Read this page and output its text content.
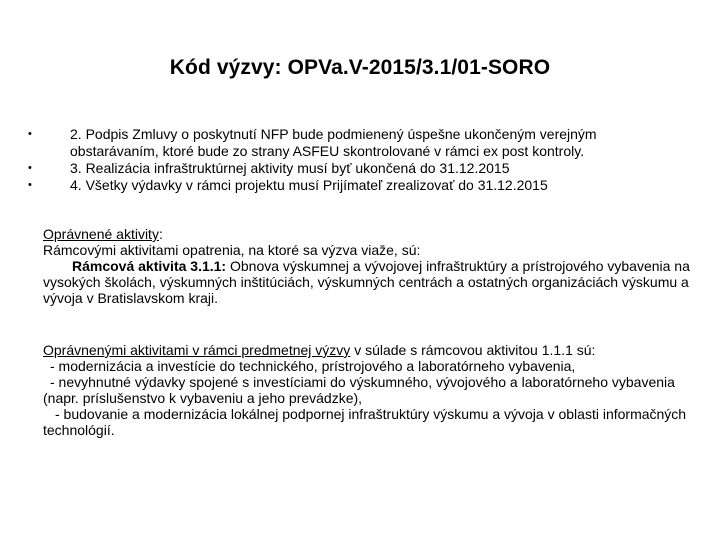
Kód výzvy: OPVa.V-2015/3.1/01-SORO
•	2. Podpis Zmluvy o poskytnutí NFP bude podmienený úspešne ukončeným verejným obstarávaním, ktoré bude zo strany ASFEU skontrolované v rámci ex post kontroly.
•	3. Realizácia infraštruktúrnej aktivity musí byť ukončená do 31.12.2015
•	4. Všetky výdavky v rámci projektu musí Prijímateľ zrealizovať do 31.12.2015

Oprávnené aktivity:

Rámcovými aktivitami opatrenia, na ktoré sa výzva viaže, sú:

Rámcová aktivita 3.1.1: Obnova výskumnej a vývojovej infraštruktúry a prístrojového vybavenia na vysokých školách, výskumných inštitúciách, výskumných centrách a ostatných organizáciách výskumu a vývoja v Bratislavskom kraji.

Oprávnenými aktivitami v rámci predmetnej výzvy v súlade s rámcovou aktivitou 1.1.1 sú:

- modernizácia a investície do technického, prístrojového a laboratórneho vybavenia,

- nevyhnutné výdavky spojené s investíciami do výskumného, vývojového a laboratórneho vybavenia (napr. príslušenstvo k vybaveniu a jeho prevádzke),

- budovanie a modernizácia lokálnej podpornej infraštruktúry výskumu a vývoja v oblasti informačných technológií.
